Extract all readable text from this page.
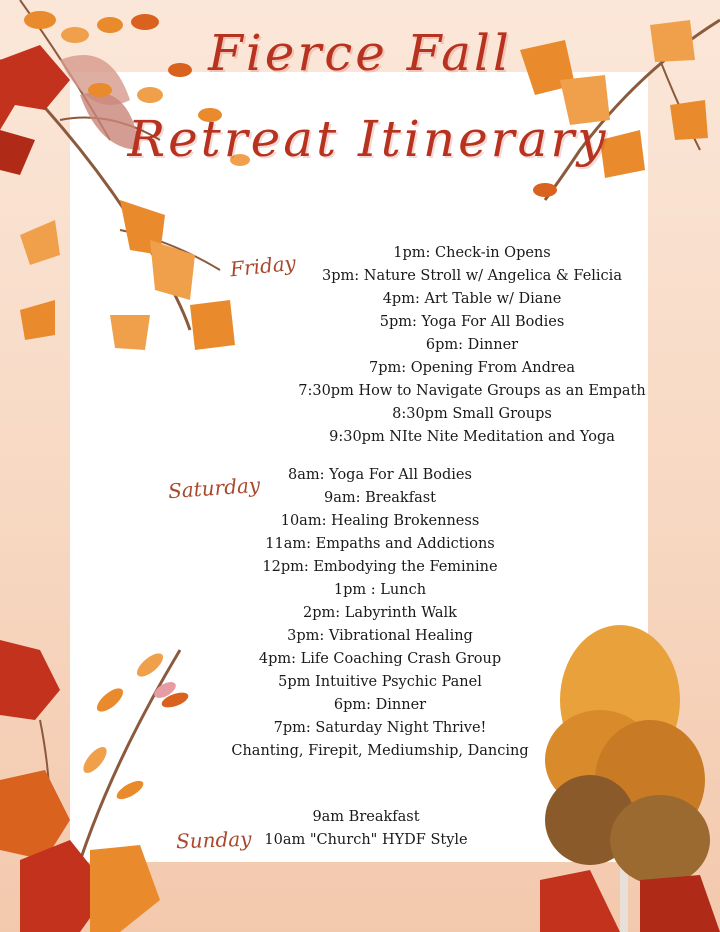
Fierce Fall
Retreat Itinerary
Friday	1pm: Check-in Opens
3pm: Nature Stroll w/ Angelica & Felicia
4pm: Art Table w/ Diane
5pm: Yoga For All Bodies
6pm: Dinner
7pm: Opening From Andrea
7:30pm How to Navigate Groups as an Empath
8:30pm Small Groups
9:30pm NIte Nite Meditation and Yoga
Saturday	8am: Yoga For All Bodies
9am: Breakfast
10am: Healing Brokenness
11am: Empaths and Addictions
12pm: Embodying the Feminine
1pm : Lunch
2pm: Labyrinth Walk
3pm: Vibrational Healing
4pm: Life Coaching Crash Group
5pm Intuitive Psychic Panel
6pm: Dinner
7pm: Saturday Night Thrive!
Chanting, Firepit, Mediumship, Dancing
Sunday
9am Breakfast
10am "Church" HYDF Style
